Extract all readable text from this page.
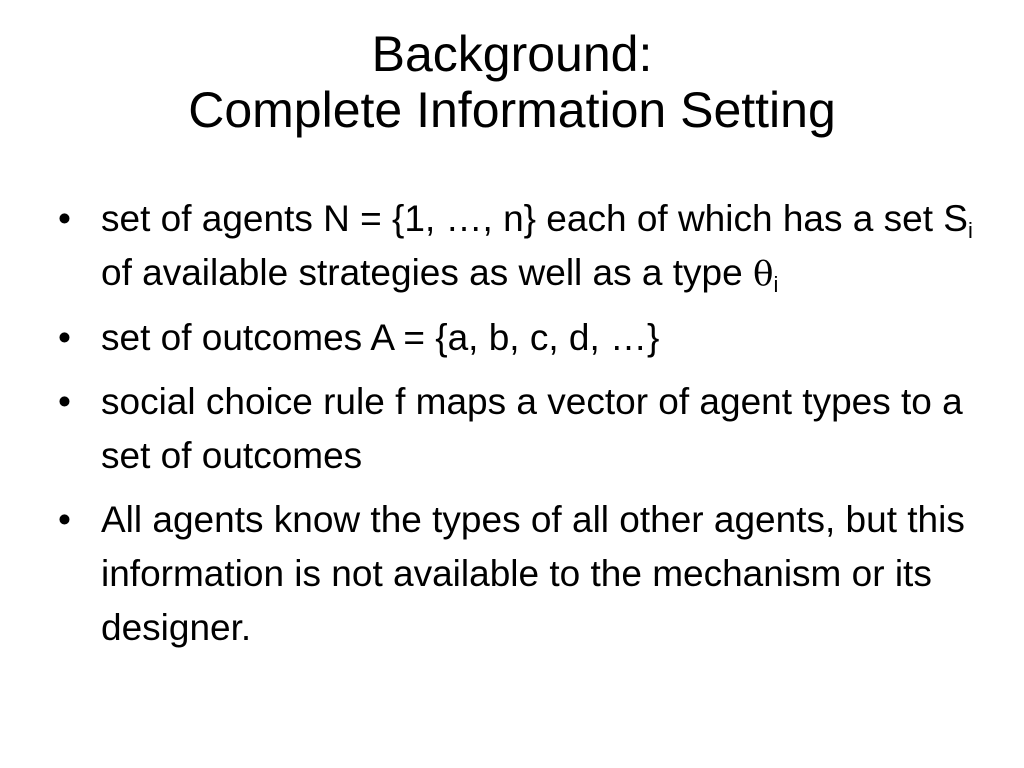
Background:
Complete Information Setting
• set of agents N = {1, …, n} each of which has a set $S_i$ of available strategies as well as a type $\theta_i$
• set of outcomes A = {a, b, c, d, …}
• social choice rule f maps a vector of agent types to a set of outcomes
• All agents know the types of all other agents, but this information is not available to the mechanism or its designer.
